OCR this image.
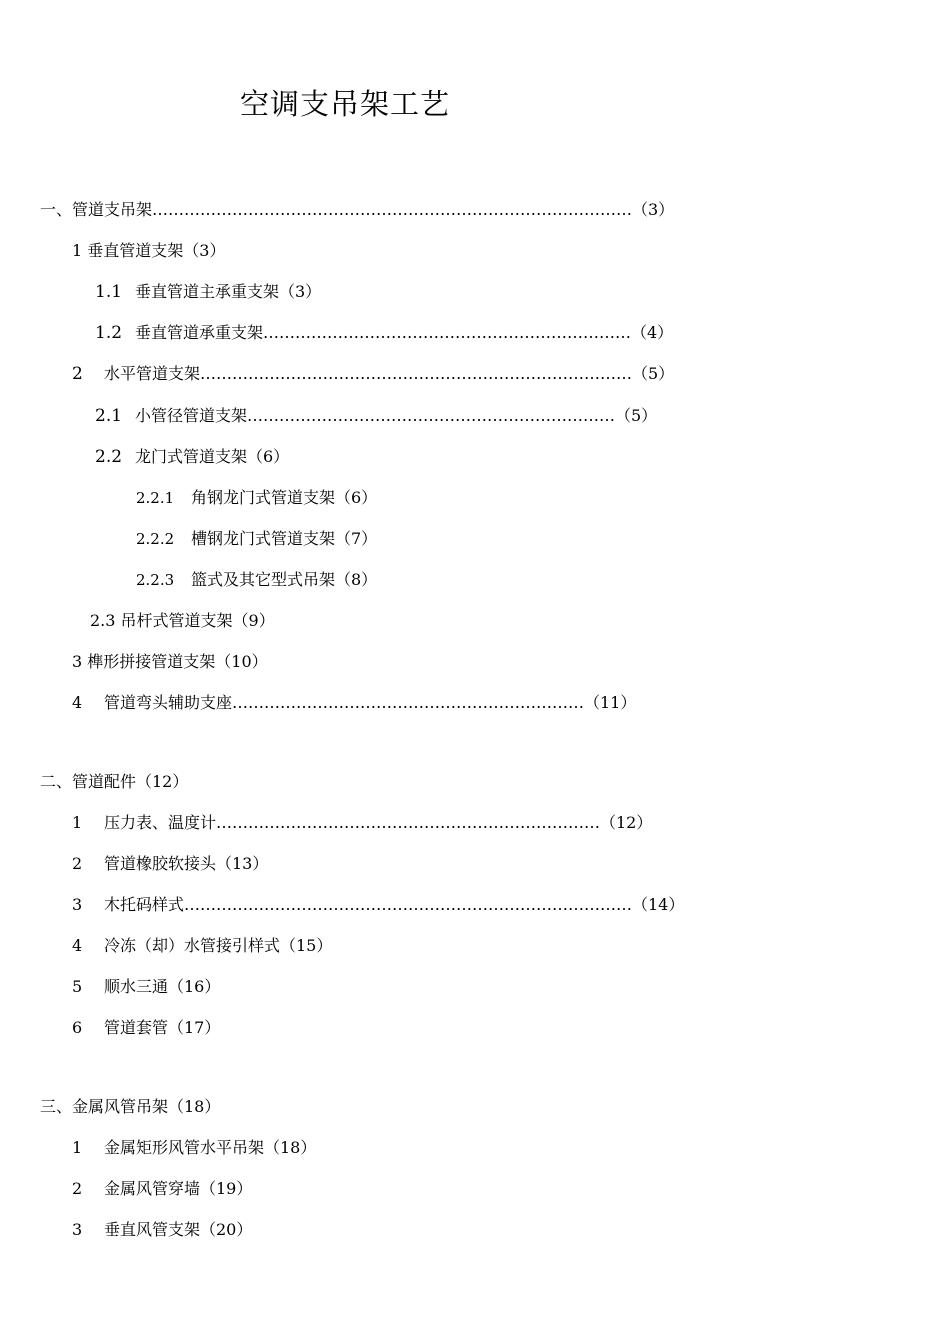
空调支吊架工艺
一、管道支吊架………………………………………………………………………………（3）
1 垂直管道支架（3）
1.1 垂直管道主承重支架（3）
1.2 垂直管道承重支架……………………………………………………………（4）
2 水平管道支架………………………………………………………………………（5）
2.1 小管径管道支架……………………………………………………………（5）
2.2 龙门式管道支架（6）
2.2.1 角钢龙门式管道支架（6）
2.2.2 槽钢龙门式管道支架（7）
2.2.3 篮式及其它型式吊架（8）
2.3 吊杆式管道支架（9）
3 榫形拼接管道支架（10）
4 管道弯头辅助支座…………………………………………………………（11）
二、管道配件（12）
1 压力表、温度计………………………………………………………………（12）
2 管道橡胶软接头（13）
3 木托码样式…………………………………………………………………………（14）
4 冷冻（却）水管接引样式（15）
5 顺水三通（16）
6 管道套管（17）
三、金属风管吊架（18）
1 金属矩形风管水平吊架（18）
2 金属风管穿墙（19）
3 垂直风管支架（20）
